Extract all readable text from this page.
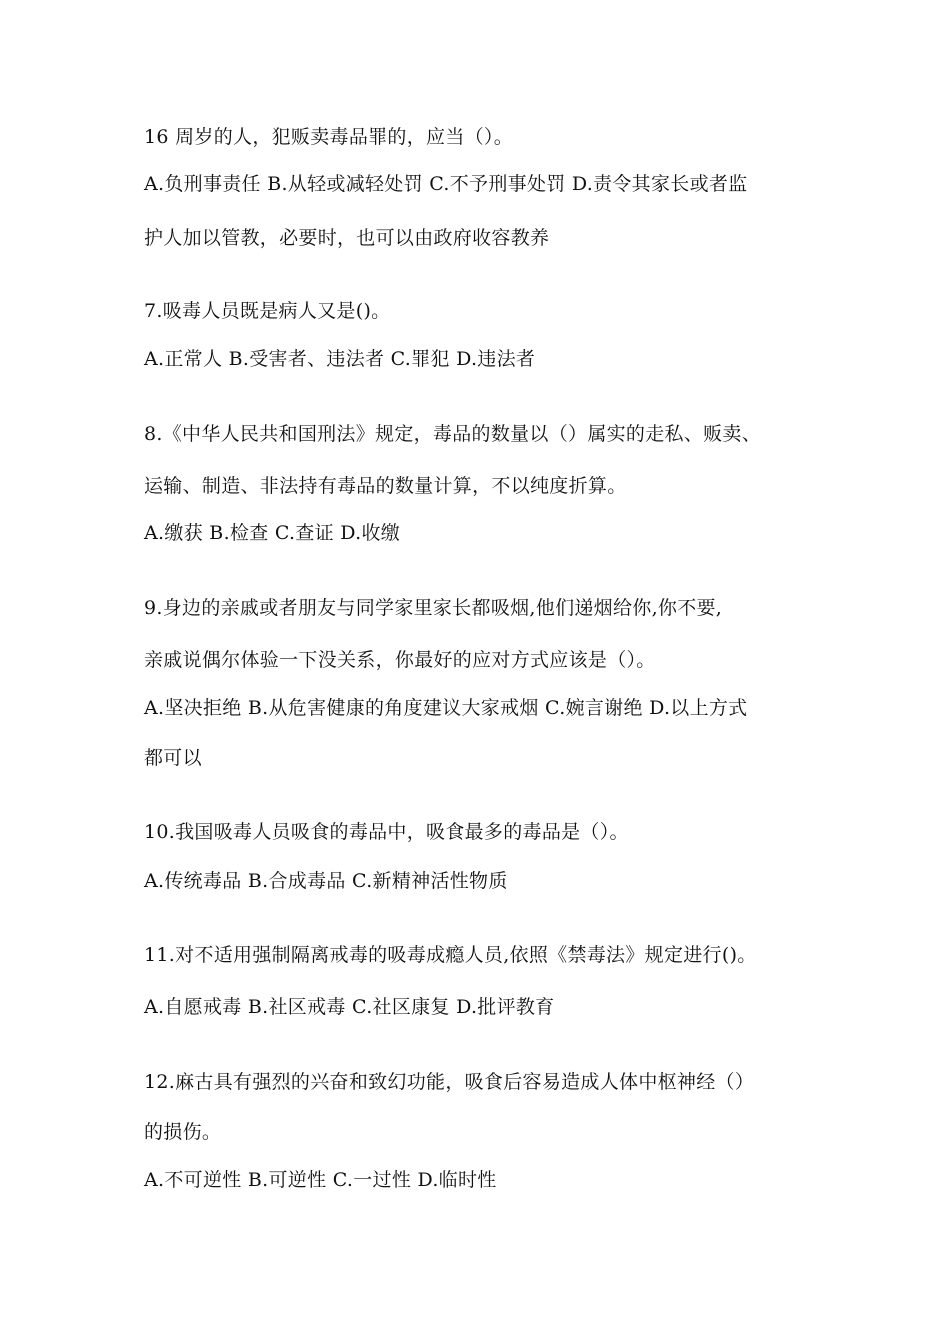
16 周岁的人，犯贩卖毒品罪的，应当（）。
A.负刑事责任 B.从轻或减轻处罚 C.不予刑事处罚 D.责令其家长或者监
护人加以管教，必要时，也可以由政府收容教养
7.吸毒人员既是病人又是()。
A.正常人 B.受害者、违法者 C.罪犯 D.违法者
8.《中华人民共和国刑法》规定，毒品的数量以（）属实的走私、贩卖、
运输、制造、非法持有毒品的数量计算，不以纯度折算。
A.缴获 B.检查 C.查证 D.收缴
9.身边的亲戚或者朋友与同学家里家长都吸烟,他们递烟给你,你不要,
亲戚说偶尔体验一下没关系，你最好的应对方式应该是（）。
A.坚决拒绝 B.从危害健康的角度建议大家戒烟 C.婉言谢绝 D.以上方式
都可以
10.我国吸毒人员吸食的毒品中，吸食最多的毒品是（）。
A.传统毒品 B.合成毒品 C.新精神活性物质
11.对不适用强制隔离戒毒的吸毒成瘾人员,依照《禁毒法》规定进行()。
A.自愿戒毒 B.社区戒毒 C.社区康复 D.批评教育
12.麻古具有强烈的兴奋和致幻功能，吸食后容易造成人体中枢神经（）
的损伤。
A.不可逆性 B.可逆性 C.一过性 D.临时性
